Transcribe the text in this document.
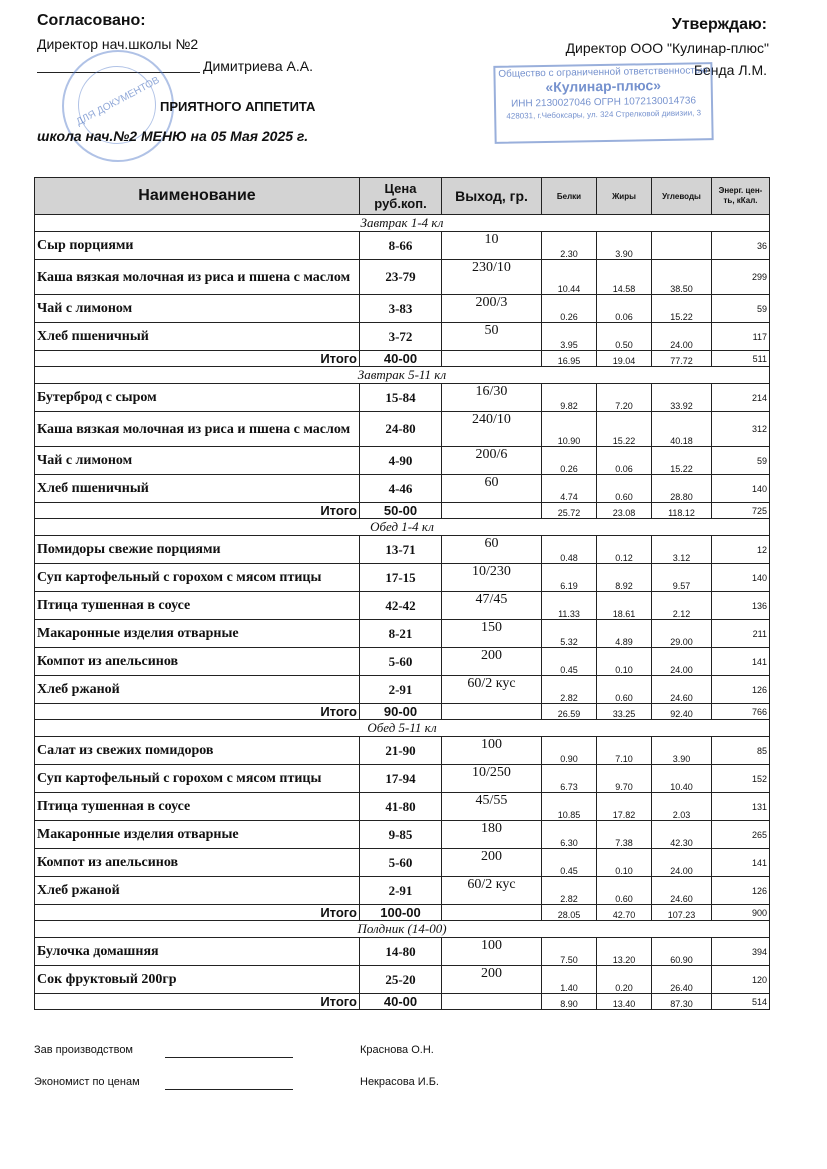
Согласовано:
Директор нач.школы №2
Димитриева А.А.
Утверждаю:
Директор ООО "Кулинар-плюс"
Бенда Л.М.
ДЛЯ ДОКУМЕНТОВ
Общество с ограниченной ответственностью
«Кулинар-плюс»
ИНН 2130027046 ОГРН 1072130014736
428031, г.Чебоксары, ул. 324 Стрелковой дивизии, 3
ПРИЯТНОГО АППЕТИТА
школа нач.№2 МЕНЮ на 05 Мая 2025 г.
Наименование	Цена руб.коп.	Выход, гр.	Белки	Жиры	Углеводы	Энерг. цен-ть, кКал.
Завтрак 1-4 кл						
Сыр порциями	8-66	10	2.30	3.90		36
Каша вязкая молочная из риса и пшена с маслом	23-79	230/10	10.44	14.58	38.50	299
Чай с лимоном	3-83	200/3	0.26	0.06	15.22	59
Хлеб пшеничный	3-72	50	3.95	0.50	24.00	117
Итого	40-00		16.95	19.04	77.72	511
Завтрак 5-11 кл						
Бутерброд с сыром	15-84	16/30	9.82	7.20	33.92	214
Каша вязкая молочная из риса и пшена с маслом	24-80	240/10	10.90	15.22	40.18	312
Чай с лимоном	4-90	200/6	0.26	0.06	15.22	59
Хлеб пшеничный	4-46	60	4.74	0.60	28.80	140
Итого	50-00		25.72	23.08	118.12	725
Обед 1-4 кл						
Помидоры свежие порциями	13-71	60	0.48	0.12	3.12	12
Суп картофельный с горохом с мясом птицы	17-15	10/230	6.19	8.92	9.57	140
Птица тушенная в соусе	42-42	47/45	11.33	18.61	2.12	136
Макаронные изделия отварные	8-21	150	5.32	4.89	29.00	211
Компот из апельсинов	5-60	200	0.45	0.10	24.00	141
Хлеб ржаной	2-91	60/2 кус	2.82	0.60	24.60	126
Итого	90-00		26.59	33.25	92.40	766
Обед 5-11 кл						
Салат из свежих помидоров	21-90	100	0.90	7.10	3.90	85
Суп картофельный с горохом с мясом птицы	17-94	10/250	6.73	9.70	10.40	152
Птица тушенная в соусе	41-80	45/55	10.85	17.82	2.03	131
Макаронные изделия отварные	9-85	180	6.30	7.38	42.30	265
Компот из апельсинов	5-60	200	0.45	0.10	24.00	141
Хлеб ржаной	2-91	60/2 кус	2.82	0.60	24.60	126
Итого	100-00		28.05	42.70	107.23	900
Полдник (14-00)						
Булочка домашняя	14-80	100	7.50	13.20	60.90	394
Сок фруктовый 200гр	25-20	200	1.40	0.20	26.40	120
Итого	40-00		8.90	13.40	87.30	514
Зав производством	Краснова О.Н.
Экономист по ценам	Некрасова И.Б.
